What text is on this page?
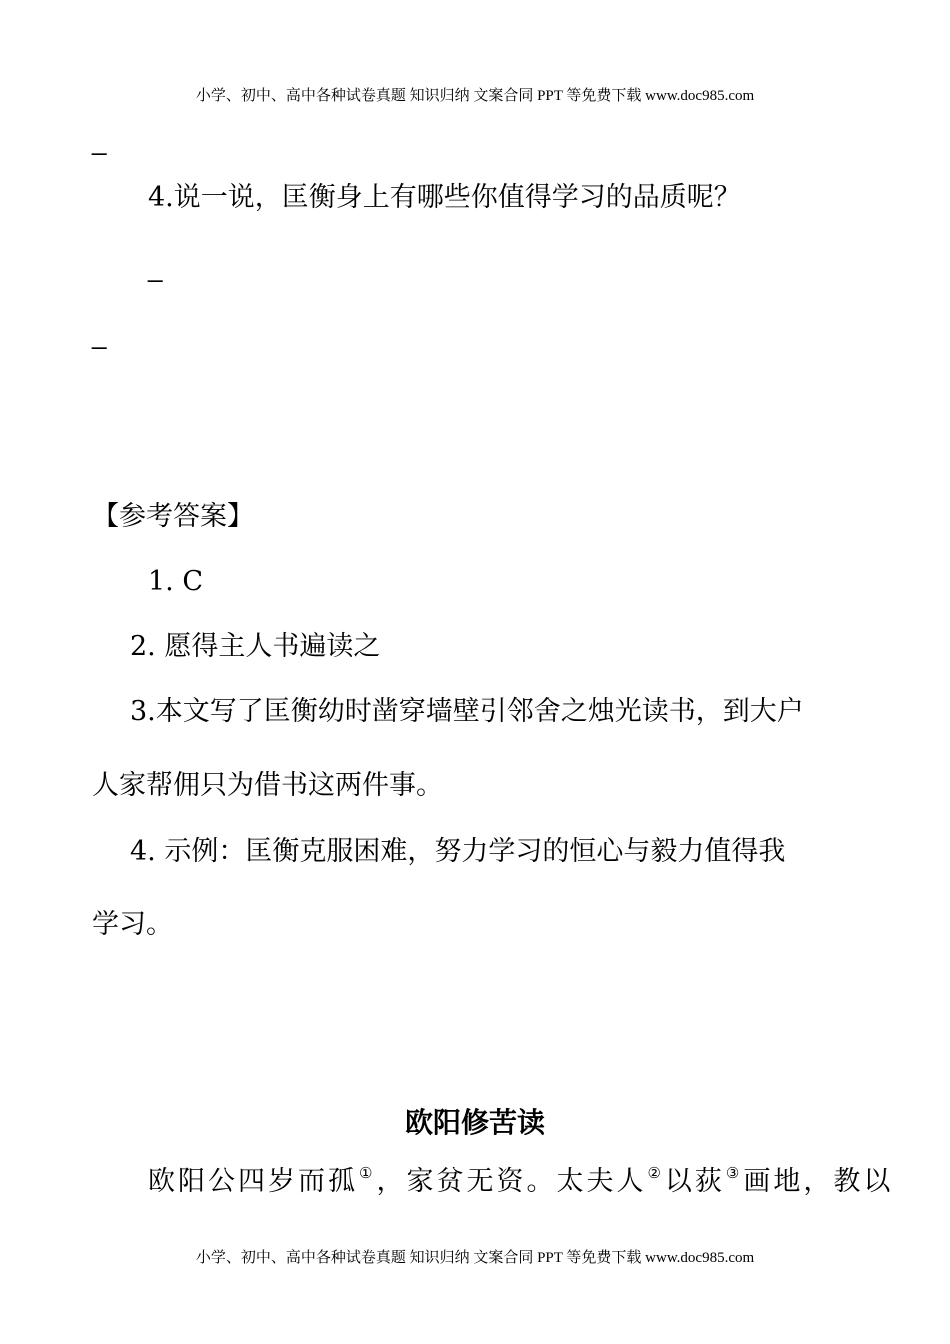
小学、初中、高中各种试卷真题 知识归纳 文案合同 PPT 等免费下载 www.doc985.com
_
4.说一说，匡衡身上有哪些你值得学习的品质呢？
_
_
【参考答案】
1. C
2. 愿得主人书遍读之
3.本文写了匡衡幼时凿穿墙壁引邻舍之烛光读书，到大户
人家帮佣只为借书这两件事。
4. 示例：匡衡克服困难，努力学习的恒心与毅力值得我
学习。
欧阳修苦读
欧阳公四岁而孤①，家贫无资。太夫人②以荻③画地，教以
小学、初中、高中各种试卷真题 知识归纳 文案合同 PPT 等免费下载 www.doc985.com
